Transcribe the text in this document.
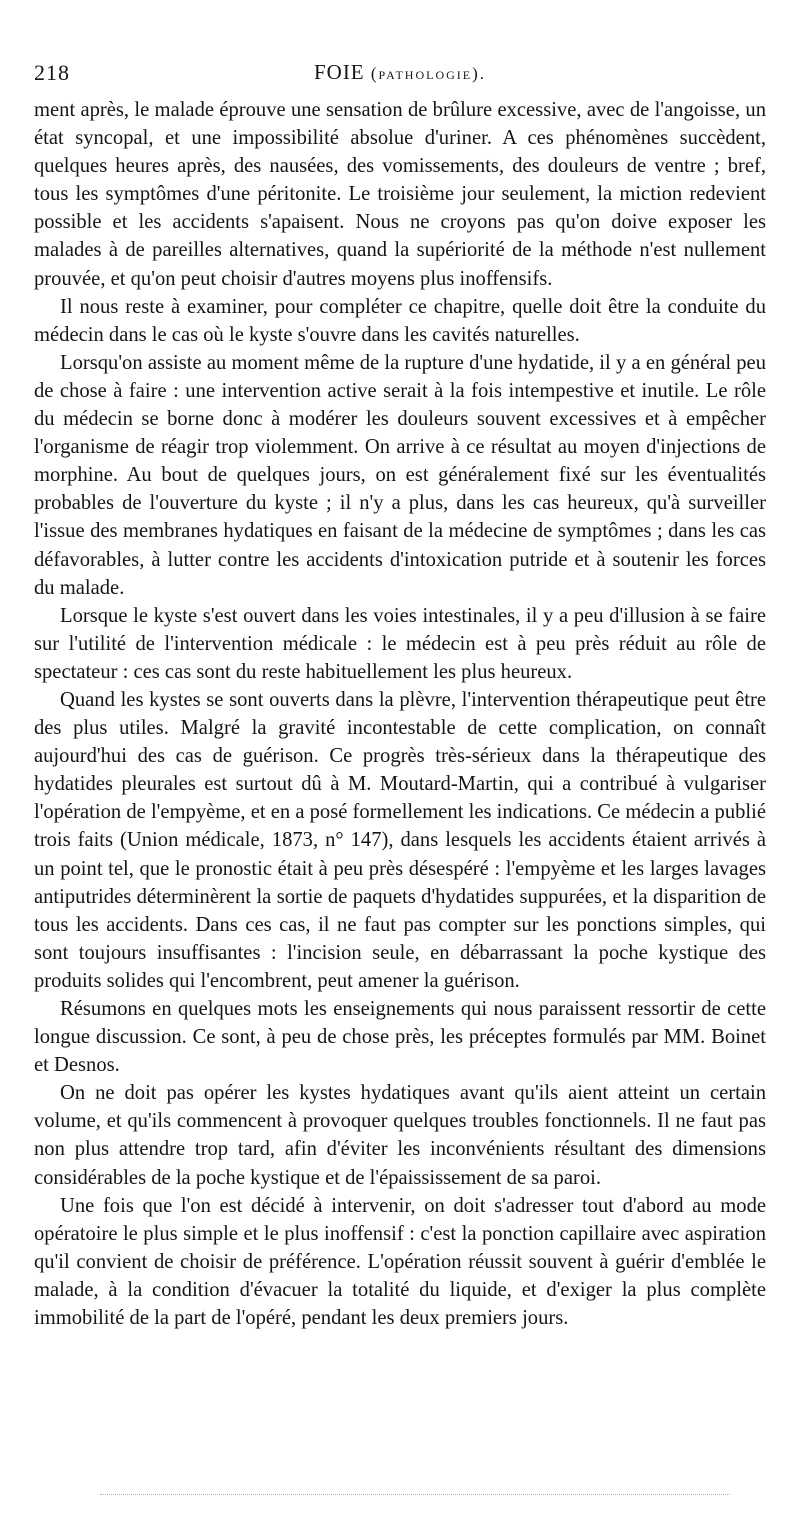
218	FOIE (pathologie).

ment après, le malade éprouve une sensation de brûlure excessive, avec de l'angoisse, un état syncopal, et une impossibilité absolue d'uriner. A ces phénomènes succèdent, quelques heures après, des nausées, des vomissements, des douleurs de ventre ; bref, tous les symptômes d'une péritonite. Le troisième jour seulement, la miction redevient possible et les accidents s'apaisent. Nous ne croyons pas qu'on doive exposer les malades à de pareilles alternatives, quand la supériorité de la méthode n'est nullement prouvée, et qu'on peut choisir d'autres moyens plus inoffensifs.

Il nous reste à examiner, pour compléter ce chapitre, quelle doit être la conduite du médecin dans le cas où le kyste s'ouvre dans les cavités naturelles.

Lorsqu'on assiste au moment même de la rupture d'une hydatide, il y a en général peu de chose à faire : une intervention active serait à la fois intempestive et inutile. Le rôle du médecin se borne donc à modérer les douleurs souvent excessives et à empêcher l'organisme de réagir trop violemment. On arrive à ce résultat au moyen d'injections de morphine. Au bout de quelques jours, on est généralement fixé sur les éventualités probables de l'ouverture du kyste ; il n'y a plus, dans les cas heureux, qu'à surveiller l'issue des membranes hydatiques en faisant de la médecine de symptômes ; dans les cas défavorables, à lutter contre les accidents d'intoxication putride et à soutenir les forces du malade.

Lorsque le kyste s'est ouvert dans les voies intestinales, il y a peu d'illusion à se faire sur l'utilité de l'intervention médicale : le médecin est à peu près réduit au rôle de spectateur : ces cas sont du reste habituellement les plus heureux.

Quand les kystes se sont ouverts dans la plèvre, l'intervention thérapeutique peut être des plus utiles. Malgré la gravité incontestable de cette complication, on connaît aujourd'hui des cas de guérison. Ce progrès très-sérieux dans la thérapeutique des hydatides pleurales est surtout dû à M. Moutard-Martin, qui a contribué à vulgariser l'opération de l'empyème, et en a posé formellement les indications. Ce médecin a publié trois faits (Union médicale, 1873, n° 147), dans lesquels les accidents étaient arrivés à un point tel, que le pronostic était à peu près désespéré : l'empyème et les larges lavages antiputrides déterminèrent la sortie de paquets d'hydatides suppurées, et la disparition de tous les accidents. Dans ces cas, il ne faut pas compter sur les ponctions simples, qui sont toujours insuffisantes : l'incision seule, en débarrassant la poche kystique des produits solides qui l'encombrent, peut amener la guérison.

Résumons en quelques mots les enseignements qui nous paraissent ressortir de cette longue discussion. Ce sont, à peu de chose près, les préceptes formulés par MM. Boinet et Desnos.

On ne doit pas opérer les kystes hydatiques avant qu'ils aient atteint un certain volume, et qu'ils commencent à provoquer quelques troubles fonctionnels. Il ne faut pas non plus attendre trop tard, afin d'éviter les inconvénients résultant des dimensions considérables de la poche kystique et de l'épaississement de sa paroi.

Une fois que l'on est décidé à intervenir, on doit s'adresser tout d'abord au mode opératoire le plus simple et le plus inoffensif : c'est la ponction capillaire avec aspiration qu'il convient de choisir de préférence. L'opération réussit souvent à guérir d'emblée le malade, à la condition d'évacuer la totalité du liquide, et d'exiger la plus complète immobilité de la part de l'opéré, pendant les deux premiers jours.
